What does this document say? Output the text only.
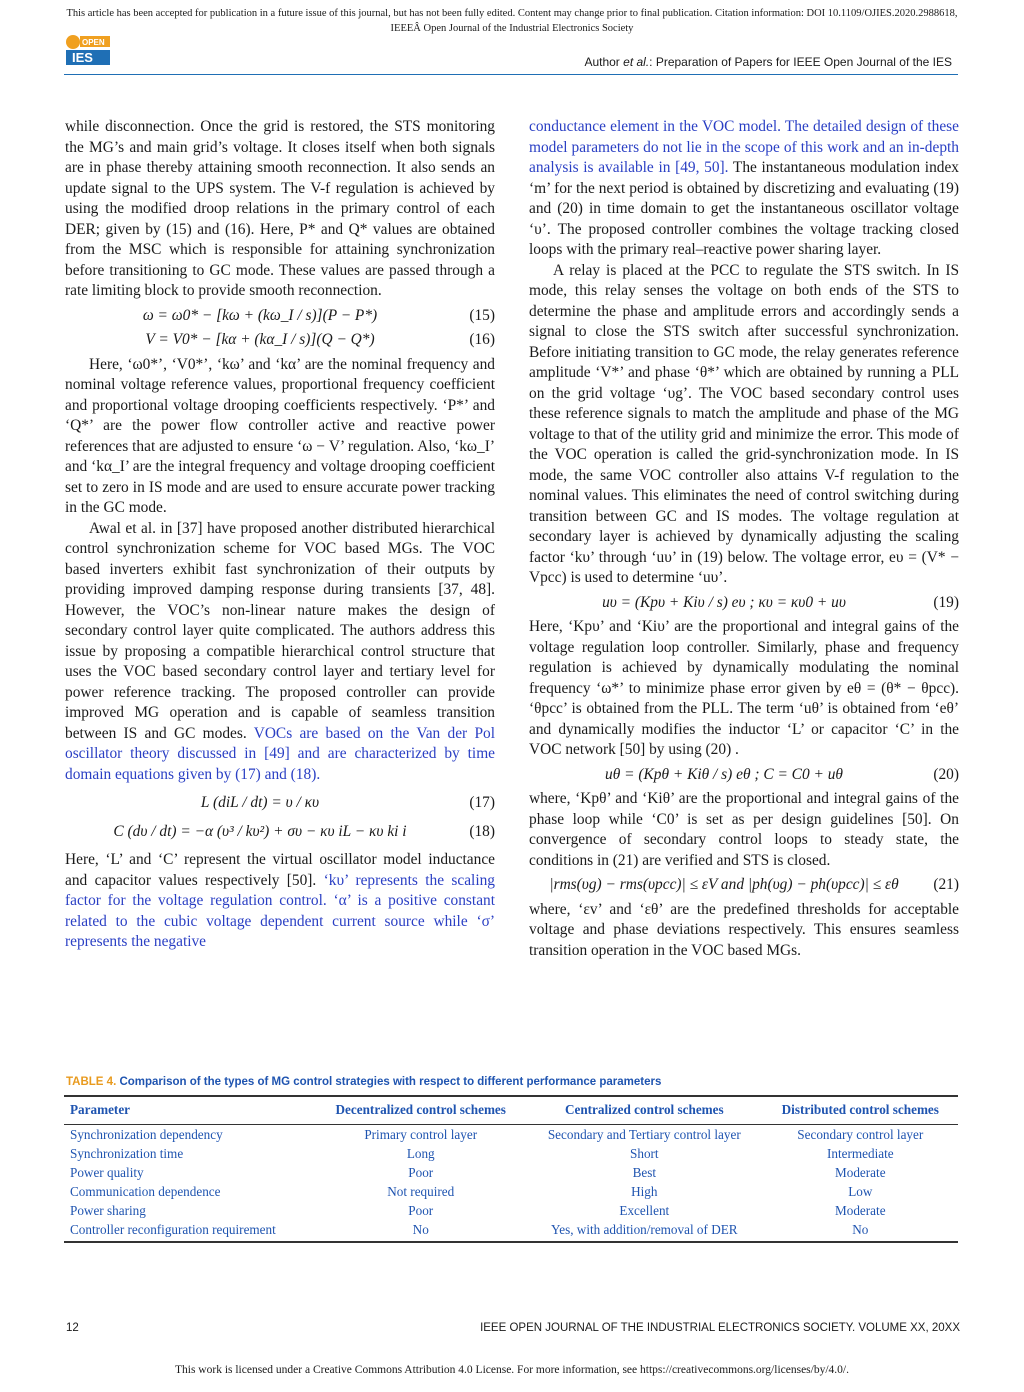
This article has been accepted for publication in a future issue of this journal, but has not been fully edited. Content may change prior to final publication. Citation information: DOI 10.1109/OJIES.2020.2988618,
IEEEÂ Open Journal of the Industrial Electronics Society
OPEN
IES	Author et al.: Preparation of Papers for IEEE Open Journal of the IES

while disconnection. Once the grid is restored, the STS monitoring the MG’s and main grid’s voltage. It closes itself when both signals are in phase thereby attaining smooth reconnection. It also sends an update signal to the UPS system. The V-f regulation is achieved by using the modified droop relations in the primary control of each DER; given by (15) and (16). Here, P* and Q* values are obtained from the MSC which is responsible for attaining synchronization before transitioning to GC mode. These values are passed through a rate limiting block to provide smooth reconnection.

ω = ω0* − [kω + (kω_I / s)](P − P*)	(15)
V = V0* − [kα + (kα_I / s)](Q − Q*)	(16)

Here, ‘ω0*’, ‘V0*’, ‘kω’ and ‘kα’ are the nominal frequency and nominal voltage reference values, proportional frequency coefficient and proportional voltage drooping coefficients respectively. ‘P*’ and ‘Q*’ are the power flow controller active and reactive power references that are adjusted to ensure ‘ω − V’ regulation. Also, ‘kω_I’ and ‘kα_I’ are the integral frequency and voltage drooping coefficient set to zero in IS mode and are used to ensure accurate power tracking in the GC mode.

Awal et al. in [37] have proposed another distributed hierarchical control synchronization scheme for VOC based MGs. The VOC based inverters exhibit fast synchronization of their outputs by providing improved damping response during transients [37, 48]. However, the VOC’s non-linear nature makes the design of secondary control layer quite complicated. The authors address this issue by proposing a compatible hierarchical control structure that uses the VOC based secondary control layer and tertiary level for power reference tracking. The proposed controller can provide improved MG operation and is capable of seamless transition between IS and GC modes. VOCs are based on the Van der Pol oscillator theory discussed in [49] and are characterized by time domain equations given by (17) and (18).

L (diL / dt) = υ / κυ	(17)
C (dυ / dt) = −α (υ³ / kυ²) + συ − κυ iL − κυ ki i	(18)

Here, ‘L’ and ‘C’ represent the virtual oscillator model inductance and capacitor values respectively [50]. ‘kυ’ represents the scaling factor for the voltage regulation control. ‘α’ is a positive constant related to the cubic voltage dependent current source while ‘σ’ represents the negative

conductance element in the VOC model. The detailed design of these model parameters do not lie in the scope of this work and an in-depth analysis is available in [49, 50]. The instantaneous modulation index ‘m’ for the next period is obtained by discretizing and evaluating (19) and (20) in time domain to get the instantaneous oscillator voltage ‘υ’. The proposed controller combines the voltage tracking closed loops with the primary real–reactive power sharing layer.

A relay is placed at the PCC to regulate the STS switch. In IS mode, this relay senses the voltage on both ends of the STS to determine the phase and amplitude errors and accordingly sends a signal to close the STS switch after successful synchronization. Before initiating transition to GC mode, the relay generates reference amplitude ‘V*’ and phase ‘θ*’ which are obtained by running a PLL on the grid voltage ‘υg’. The VOC based secondary control uses these reference signals to match the amplitude and phase of the MG voltage to that of the utility grid and minimize the error. This mode of the VOC operation is called the grid-synchronization mode. In IS mode, the same VOC controller also attains V-f regulation to the nominal values. This eliminates the need of control switching during transition between GC and IS modes. The voltage regulation at secondary layer is achieved by dynamically adjusting the scaling factor ‘kυ’ through ‘uυ’ in (19) below. The voltage error, eυ = (V* − Vpcc) is used to determine ‘uυ’.

uυ = (Kpυ + Kiυ / s) eυ ; κυ = κυ0 + uυ	(19)

Here, ‘Kpυ’ and ‘Kiυ’ are the proportional and integral gains of the voltage regulation loop controller. Similarly, phase and frequency regulation is achieved by dynamically modulating the nominal frequency ‘ω*’ to minimize phase error given by eθ = (θ* − θpcc). ‘θpcc’ is obtained from the PLL. The term ‘uθ’ is obtained from ‘eθ’ and dynamically modifies the inductor ‘L’ or capacitor ‘C’ in the VOC network [50] by using (20) .

uθ = (Kpθ + Kiθ / s) eθ ; C = C0 + uθ	(20)

where, ‘Kpθ’ and ‘Kiθ’ are the proportional and integral gains of the phase loop while ‘C0’ is set as per design guidelines [50]. On convergence of secondary control loops to steady state, the conditions in (21) are verified and STS is closed.

|rms(υg) − rms(υpcc)| ≤ εV and |ph(υg) − ph(υpcc)| ≤ εθ	(21)

where, ‘εv’ and ‘εθ’ are the predefined thresholds for acceptable voltage and phase deviations respectively. This ensures seamless transition operation in the VOC based MGs.

TABLE 4. Comparison of the types of MG control strategies with respect to different performance parameters
Parameter	Decentralized control schemes	Centralized control schemes	Distributed control schemes
Synchronization dependency	Primary control layer	Secondary and Tertiary control layer	Secondary control layer
Synchronization time	Long	Short	Intermediate
Power quality	Poor	Best	Moderate
Communication dependence	Not required	High	Low
Power sharing	Poor	Excellent	Moderate
Controller reconfiguration requirement	No	Yes, with addition/removal of DER	No
12	IEEE OPEN JOURNAL OF THE INDUSTRIAL ELECTRONICS SOCIETY. VOLUME XX, 20XX
This work is licensed under a Creative Commons Attribution 4.0 License. For more information, see https://creativecommons.org/licenses/by/4.0/.
